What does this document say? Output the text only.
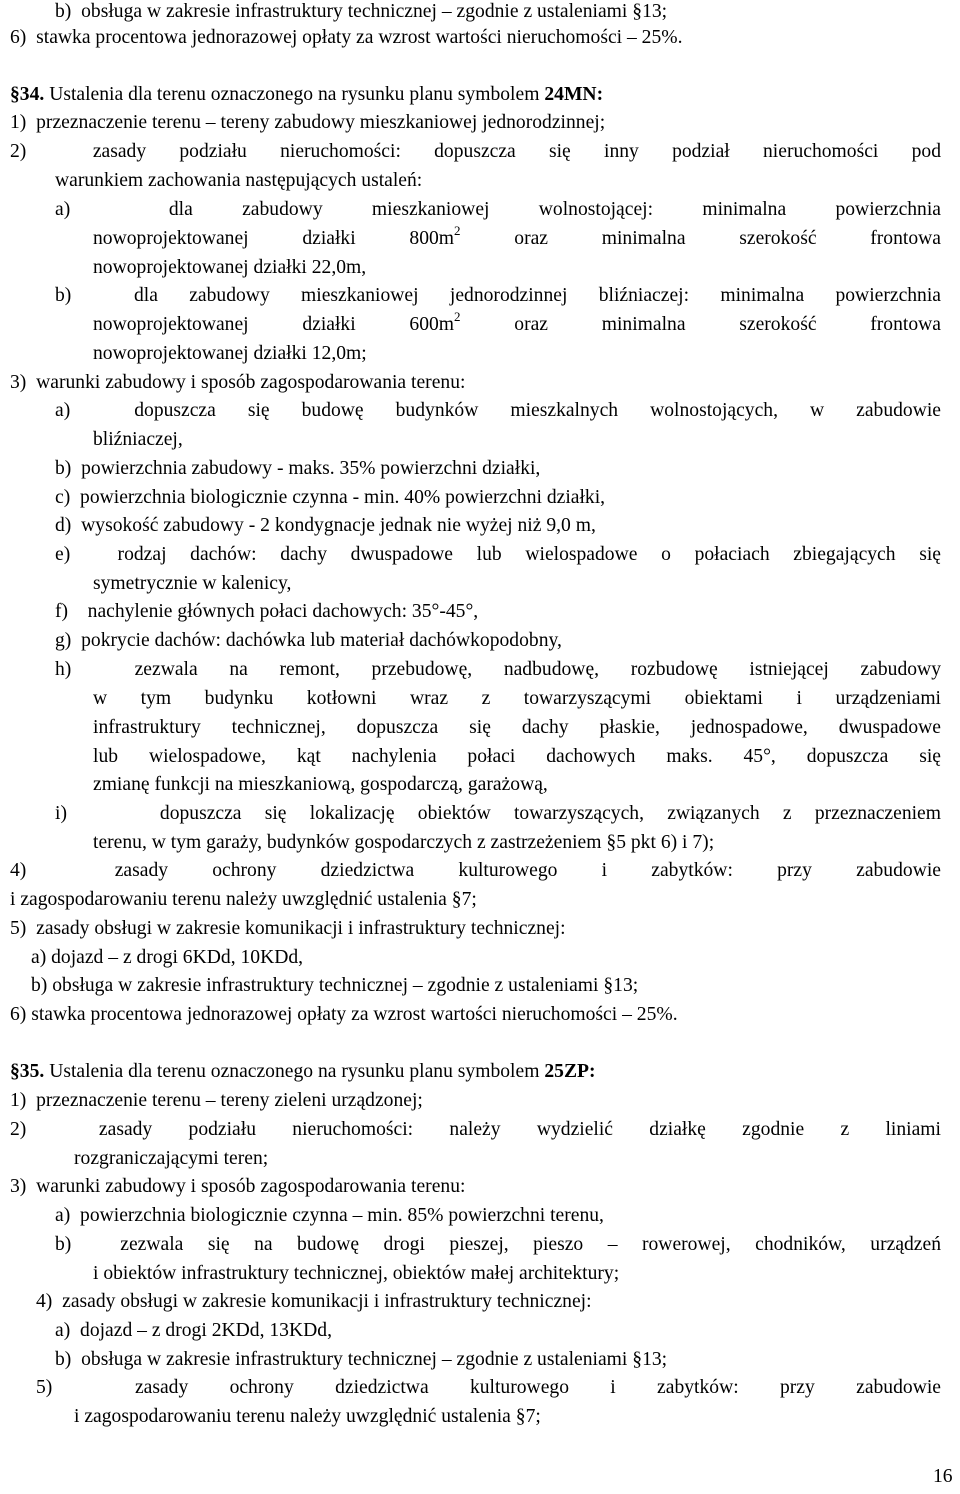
b)  obsługa w zakresie infrastruktury technicznej – zgodnie z ustaleniami §13;
6)  stawka procentowa jednorazowej opłaty za wzrost wartości nieruchomości – 25%.
§34. Ustalenia dla terenu oznaczonego na rysunku planu symbolem 24MN:
1)  przeznaczenie terenu – tereny zabudowy mieszkaniowej jednorodzinnej;
2)  zasady podziału nieruchomości: dopuszcza się inny podział nieruchomości pod
warunkiem zachowania następujących ustaleń:
a)  dla zabudowy mieszkaniowej wolnostojącej: minimalna powierzchnia
nowoprojektowanej działki $800m^2$ oraz minimalna szerokość frontowa
nowoprojektowanej działki 22,0m,
b)  dla zabudowy mieszkaniowej jednorodzinnej bliźniaczej: minimalna powierzchnia
nowoprojektowanej działki $600m^2$ oraz minimalna szerokość frontowa
nowoprojektowanej działki 12,0m;
3)  warunki zabudowy i sposób zagospodarowania terenu:
a)  dopuszcza się budowę budynków mieszkalnych wolnostojących, w zabudowie
bliźniaczej,
b)  powierzchnia zabudowy - maks. 35% powierzchni działki,
c)  powierzchnia biologicznie czynna - min. 40% powierzchni działki,
d)  wysokość zabudowy - 2 kondygnacje jednak nie wyżej niż 9,0 m,
e)  rodzaj dachów: dachy dwuspadowe lub wielospadowe o połaciach zbiegających się
symetrycznie w kalenicy,
f)    nachylenie głównych połaci dachowych: 35°-45°,
g)  pokrycie dachów: dachówka lub materiał dachówkopodobny,
h)  zezwala na remont, przebudowę, nadbudowę, rozbudowę istniejącej zabudowy
w tym budynku kotłowni wraz z towarzyszącymi obiektami i urządzeniami
infrastruktury technicznej, dopuszcza się dachy płaskie, jednospadowe, dwuspadowe
lub wielospadowe, kąt nachylenia połaci dachowych maks. 45°, dopuszcza się
zmianę funkcji na mieszkaniową, gospodarczą, garażową,
i)    dopuszcza się lokalizację obiektów towarzyszących, związanych z przeznaczeniem
terenu, w tym garaży, budynków gospodarczych z zastrzeżeniem §5 pkt 6) i 7);
4)  zasady ochrony dziedzictwa kulturowego i zabytków: przy zabudowie
i zagospodarowaniu terenu należy uwzględnić ustalenia §7;
5)  zasady obsługi w zakresie komunikacji i infrastruktury technicznej:
a) dojazd – z drogi 6KDd, 10KDd,
b) obsługa w zakresie infrastruktury technicznej – zgodnie z ustaleniami §13;
6) stawka procentowa jednorazowej opłaty za wzrost wartości nieruchomości – 25%.
§35. Ustalenia dla terenu oznaczonego na rysunku planu symbolem 25ZP:
1)  przeznaczenie terenu – tereny zieleni urządzonej;
2)  zasady podziału nieruchomości: należy wydzielić działkę zgodnie z liniami
rozgraniczającymi teren;
3)  warunki zabudowy i sposób zagospodarowania terenu:
a)  powierzchnia biologicznie czynna – min. 85% powierzchni terenu,
b)  zezwala się na budowę drogi pieszej, pieszo – rowerowej, chodników, urządzeń
i obiektów infrastruktury technicznej, obiektów małej architektury;
4)  zasady obsługi w zakresie komunikacji i infrastruktury technicznej:
a)  dojazd – z drogi 2KDd, 13KDd,
b)  obsługa w zakresie infrastruktury technicznej – zgodnie z ustaleniami §13;
5)  zasady ochrony dziedzictwa kulturowego i zabytków: przy zabudowie
i zagospodarowaniu terenu należy uwzględnić ustalenia §7;
16
